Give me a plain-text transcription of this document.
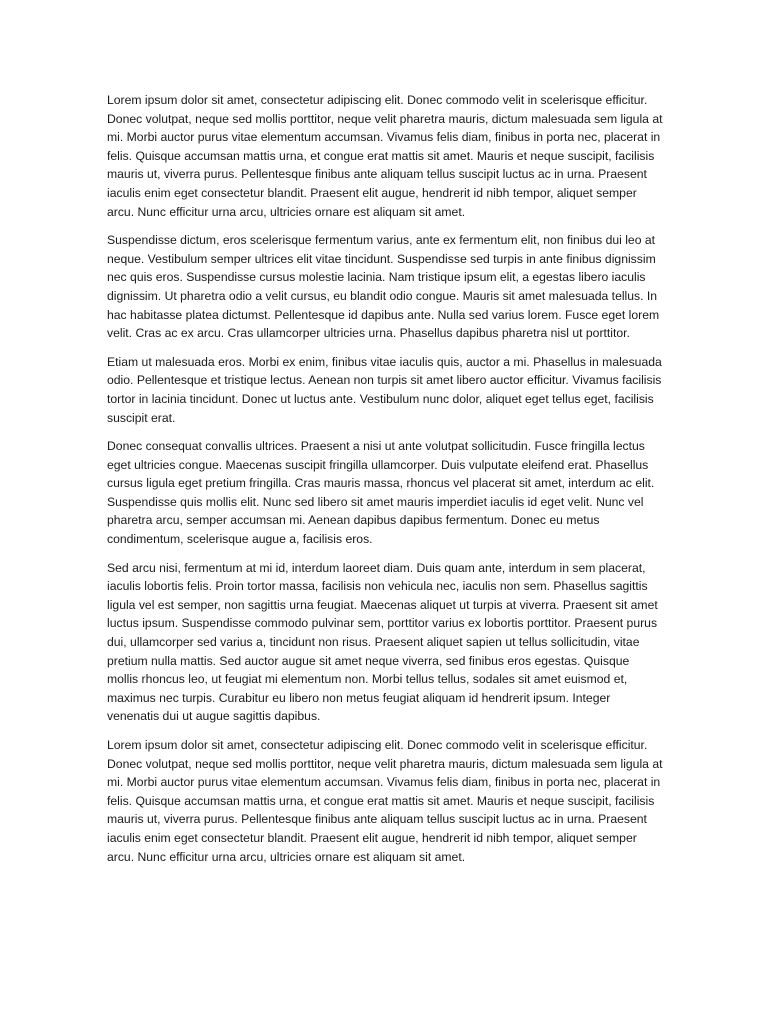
Lorem ipsum dolor sit amet, consectetur adipiscing elit. Donec commodo velit in scelerisque efficitur. Donec volutpat, neque sed mollis porttitor, neque velit pharetra mauris, dictum malesuada sem ligula at mi. Morbi auctor purus vitae elementum accumsan. Vivamus felis diam, finibus in porta nec, placerat in felis. Quisque accumsan mattis urna, et congue erat mattis sit amet. Mauris et neque suscipit, facilisis mauris ut, viverra purus. Pellentesque finibus ante aliquam tellus suscipit luctus ac in urna. Praesent iaculis enim eget consectetur blandit. Praesent elit augue, hendrerit id nibh tempor, aliquet semper arcu. Nunc efficitur urna arcu, ultricies ornare est aliquam sit amet.

Suspendisse dictum, eros scelerisque fermentum varius, ante ex fermentum elit, non finibus dui leo at neque. Vestibulum semper ultrices elit vitae tincidunt. Suspendisse sed turpis in ante finibus dignissim nec quis eros. Suspendisse cursus molestie lacinia. Nam tristique ipsum elit, a egestas libero iaculis dignissim. Ut pharetra odio a velit cursus, eu blandit odio congue. Mauris sit amet malesuada tellus. In hac habitasse platea dictumst. Pellentesque id dapibus ante. Nulla sed varius lorem. Fusce eget lorem velit. Cras ac ex arcu. Cras ullamcorper ultricies urna. Phasellus dapibus pharetra nisl ut porttitor.

Etiam ut malesuada eros. Morbi ex enim, finibus vitae iaculis quis, auctor a mi. Phasellus in malesuada odio. Pellentesque et tristique lectus. Aenean non turpis sit amet libero auctor efficitur. Vivamus facilisis tortor in lacinia tincidunt. Donec ut luctus ante. Vestibulum nunc dolor, aliquet eget tellus eget, facilisis suscipit erat.

Donec consequat convallis ultrices. Praesent a nisi ut ante volutpat sollicitudin. Fusce fringilla lectus eget ultricies congue. Maecenas suscipit fringilla ullamcorper. Duis vulputate eleifend erat. Phasellus cursus ligula eget pretium fringilla. Cras mauris massa, rhoncus vel placerat sit amet, interdum ac elit. Suspendisse quis mollis elit. Nunc sed libero sit amet mauris imperdiet iaculis id eget velit. Nunc vel pharetra arcu, semper accumsan mi. Aenean dapibus dapibus fermentum. Donec eu metus condimentum, scelerisque augue a, facilisis eros.

Sed arcu nisi, fermentum at mi id, interdum laoreet diam. Duis quam ante, interdum in sem placerat, iaculis lobortis felis. Proin tortor massa, facilisis non vehicula nec, iaculis non sem. Phasellus sagittis ligula vel est semper, non sagittis urna feugiat. Maecenas aliquet ut turpis at viverra. Praesent sit amet luctus ipsum. Suspendisse commodo pulvinar sem, porttitor varius ex lobortis porttitor. Praesent purus dui, ullamcorper sed varius a, tincidunt non risus. Praesent aliquet sapien ut tellus sollicitudin, vitae pretium nulla mattis. Sed auctor augue sit amet neque viverra, sed finibus eros egestas. Quisque mollis rhoncus leo, ut feugiat mi elementum non. Morbi tellus tellus, sodales sit amet euismod et, maximus nec turpis. Curabitur eu libero non metus feugiat aliquam id hendrerit ipsum. Integer venenatis dui ut augue sagittis dapibus.

Lorem ipsum dolor sit amet, consectetur adipiscing elit. Donec commodo velit in scelerisque efficitur. Donec volutpat, neque sed mollis porttitor, neque velit pharetra mauris, dictum malesuada sem ligula at mi. Morbi auctor purus vitae elementum accumsan. Vivamus felis diam, finibus in porta nec, placerat in felis. Quisque accumsan mattis urna, et congue erat mattis sit amet. Mauris et neque suscipit, facilisis mauris ut, viverra purus. Pellentesque finibus ante aliquam tellus suscipit luctus ac in urna. Praesent iaculis enim eget consectetur blandit. Praesent elit augue, hendrerit id nibh tempor, aliquet semper arcu. Nunc efficitur urna arcu, ultricies ornare est aliquam sit amet.
